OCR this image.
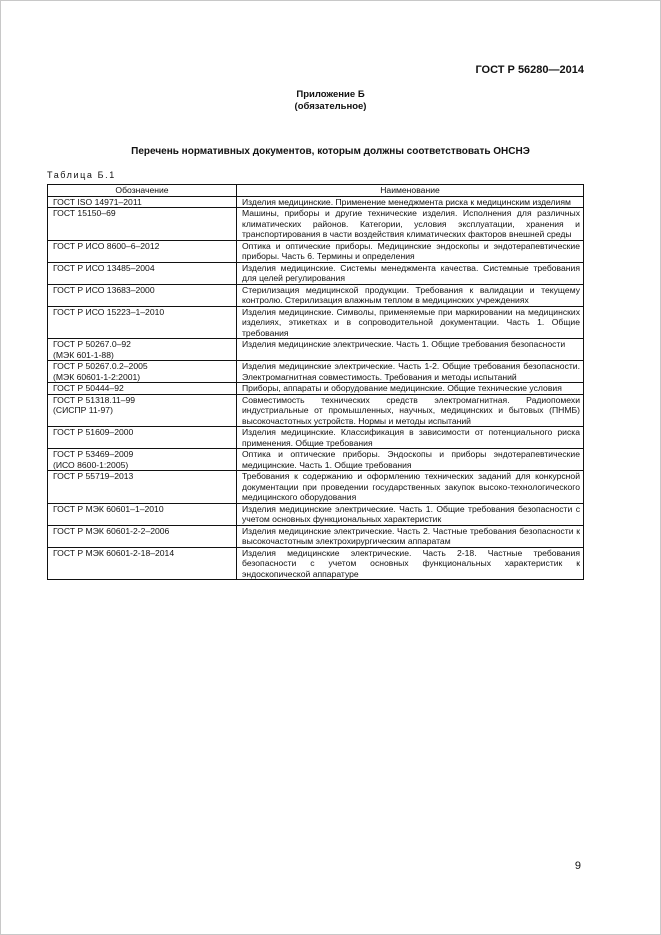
ГОСТ Р 56280—2014
Приложение Б
(обязательное)
Перечень нормативных документов, которым должны соответствовать ОНСНЭ
Таблица Б.1
Обозначение	Наименование
ГОСТ ISO 14971–2011	Изделия медицинские. Применение менеджмента риска к медицинским изделиям
ГОСТ 15150–69	Машины, приборы и другие технические изделия. Исполнения для различных климатических районов. Категории, условия эксплуатации, хранения и транспортирования в части воздействия климатических факторов внешней среды
ГОСТ Р ИСО 8600–6–2012	Оптика и оптические приборы. Медицинские эндоскопы и эндотерапевтические приборы. Часть 6. Термины и определения
ГОСТ Р ИСО 13485–2004	Изделия медицинские. Системы менеджмента качества. Системные требования для целей регулирования
ГОСТ Р ИСО 13683–2000	Стерилизация медицинской продукции. Требования к валидации и текущему контролю. Стерилизация влажным теплом в медицинских учреждениях
ГОСТ Р ИСО 15223–1–2010	Изделия медицинские. Символы, применяемые при маркировании на медицинских изделиях, этикетках и в сопроводительной документации. Часть 1. Общие требования
ГОСТ Р 50267.0–92
(МЭК 601-1-88)	Изделия медицинские электрические. Часть 1. Общие требования безопасности
ГОСТ Р 50267.0.2–2005
(МЭК 60601-1-2:2001)	Изделия медицинские электрические. Часть 1-2. Общие требования безопасности. Электромагнитная совместимость. Требования и методы испытаний
ГОСТ Р 50444–92	Приборы, аппараты и оборудование медицинские. Общие технические условия
ГОСТ Р 51318.11–99
(СИСПР 11-97)	Совместимость технических средств электромагнитная. Радиопомехи индустриальные от промышленных, научных, медицинских и бытовых (ПНМБ) высокочастотных устройств. Нормы и методы испытаний
ГОСТ Р 51609–2000	Изделия медицинские. Классификация в зависимости от потенциального риска применения. Общие требования
ГОСТ Р 53469–2009
(ИСО 8600-1:2005)	Оптика и оптические приборы. Эндоскопы и приборы эндотерапевтические медицинские. Часть 1. Общие требования
ГОСТ Р 55719–2013	Требования к содержанию и оформлению технических заданий для конкурсной документации при проведении государственных закупок высоко-технологического медицинского оборудования
ГОСТ Р МЭК 60601–1–2010	Изделия медицинские электрические. Часть 1. Общие требования безопасности с учетом основных функциональных характеристик
ГОСТ Р МЭК 60601-2-2–2006	Изделия медицинские электрические. Часть 2. Частные требования безопасности к высокочастотным электрохирургическим аппаратам
ГОСТ Р МЭК 60601-2-18–2014	Изделия медицинские электрические. Часть 2-18. Частные требования безопасности с учетом основных функциональных характеристик к эндоскопической аппаратуре
9
